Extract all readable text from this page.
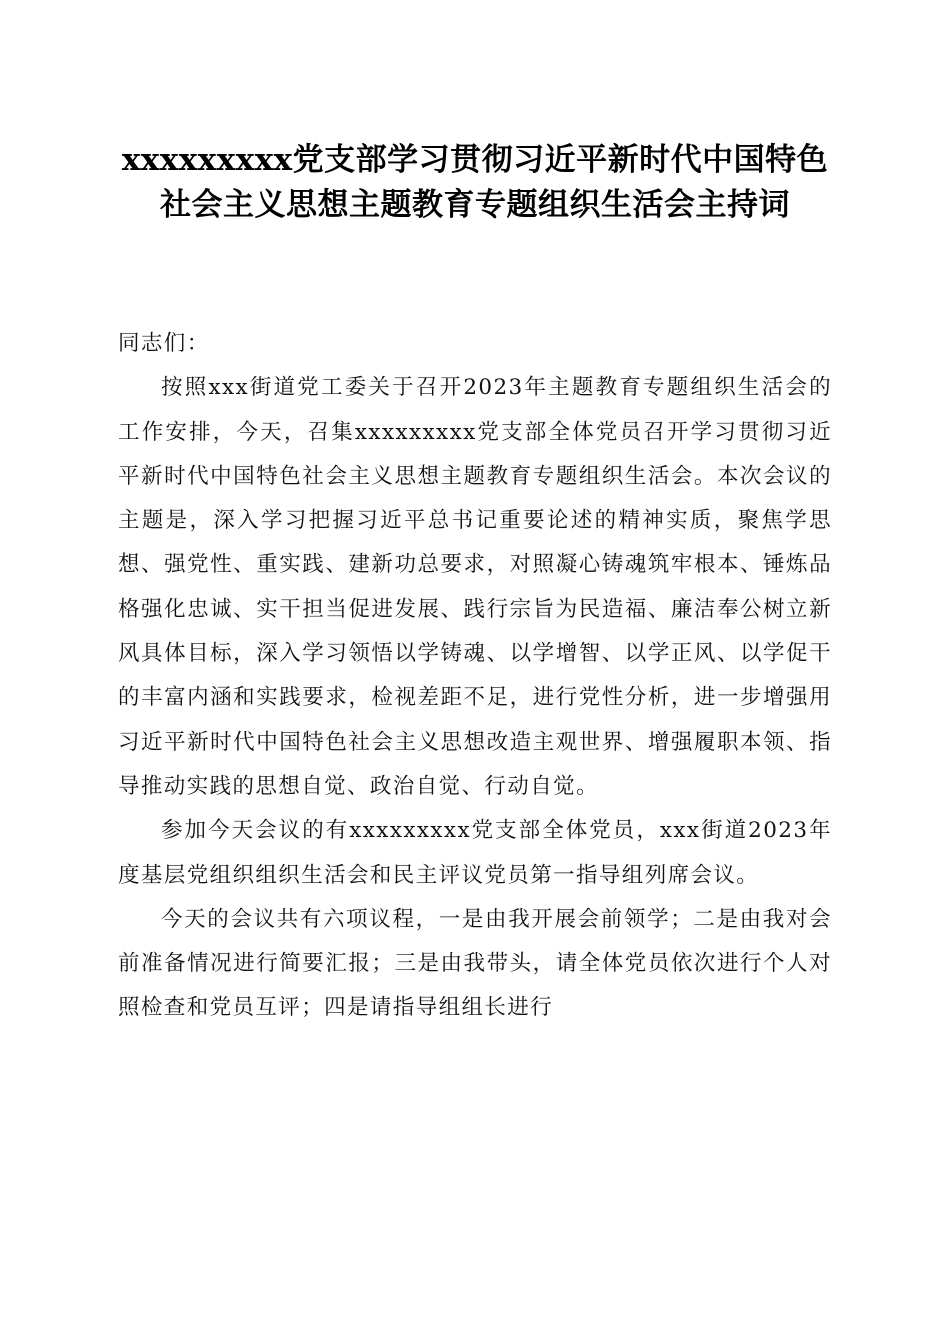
xxxxxxxxx党支部学习贯彻习近平新时代中国特色社会主义思想主题教育专题组织生活会主持词

同志们：

按照xxx街道党工委关于召开2023年主题教育专题组织生活会的工作安排，今天，召集xxxxxxxxx党支部全体党员召开学习贯彻习近平新时代中国特色社会主义思想主题教育专题组织生活会。本次会议的主题是，深入学习把握习近平总书记重要论述的精神实质，聚焦学思想、强党性、重实践、建新功总要求，对照凝心铸魂筑牢根本、锤炼品格强化忠诚、实干担当促进发展、践行宗旨为民造福、廉洁奉公树立新风具体目标，深入学习领悟以学铸魂、以学增智、以学正风、以学促干的丰富内涵和实践要求，检视差距不足，进行党性分析，进一步增强用习近平新时代中国特色社会主义思想改造主观世界、增强履职本领、指导推动实践的思想自觉、政治自觉、行动自觉。

参加今天会议的有xxxxxxxxx党支部全体党员，xxx街道2023年度基层党组织组织生活会和民主评议党员第一指导组列席会议。

今天的会议共有六项议程，一是由我开展会前领学；二是由我对会前准备情况进行简要汇报；三是由我带头，请全体党员依次进行个人对照检查和党员互评；四是请指导组组长进行
